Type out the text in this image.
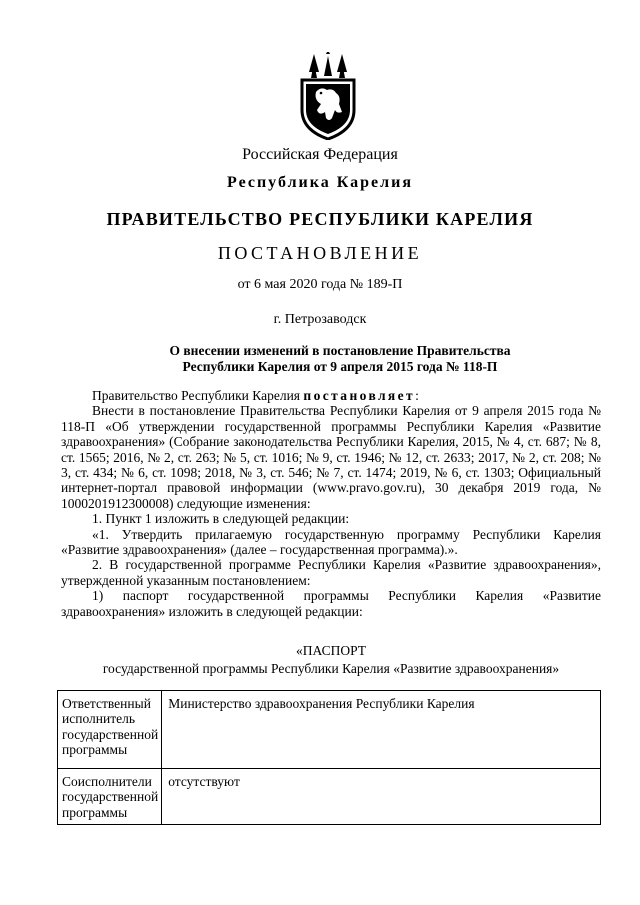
Российская Федерация
Республика Карелия
ПРАВИТЕЛЬСТВО РЕСПУБЛИКИ КАРЕЛИЯ
ПОСТАНОВЛЕНИЕ
от 6 мая 2020 года № 189-П
г. Петрозаводск
О внесении изменений в постановление Правительства
Республики Карелия от 9 апреля 2015 года № 118-П

Правительство Республики Карелия постановляет:

Внести в постановление Правительства Республики Карелия от 9 апреля 2015 года № 118-П «Об утверждении государственной программы Республики Карелия «Развитие здравоохранения» (Собрание законодательства Республики Карелия, 2015, № 4, ст. 687; № 8, ст. 1565; 2016, № 2, ст. 263; № 5, ст. 1016; № 9, ст. 1946; № 12, ст. 2633; 2017, № 2, ст. 208; № 3, ст. 434; № 6, ст. 1098; 2018, № 3, ст. 546; № 7, ст. 1474; 2019, № 6, ст. 1303; Официальный интернет-портал правовой информации (www.pravo.gov.ru), 30 декабря 2019 года, № 1000201912300008) следующие изменения:

1. Пункт 1 изложить в следующей редакции:

«1. Утвердить прилагаемую государственную программу Республики Карелия «Развитие здравоохранения» (далее – государственная программа).».

2. В государственной программе Республики Карелия «Развитие здравоохранения», утвержденной указанным постановлением:

1) паспорт государственной программы Республики Карелия «Развитие здравоохранения» изложить в следующей редакции:

«ПАСПОРТ
государственной программы Республики Карелия «Развитие здравоохранения»
Ответственный исполнитель государственной программы	Министерство здравоохранения Республики Карелия
Соисполнители государственной программы	отсутствуют
